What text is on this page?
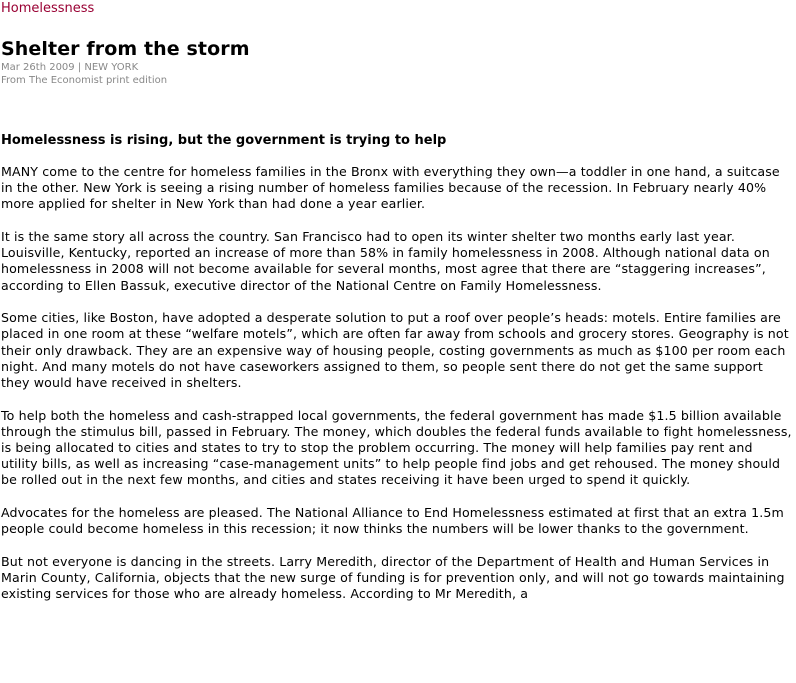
Homelessness
Shelter from the storm
Mar 26th 2009 | NEW YORK
From The Economist print edition
Homelessness is rising, but the government is trying to help

MANY come to the centre for homeless families in the Bronx with everything they own—a toddler in one hand, a suitcase in the other. New York is seeing a rising number of homeless families because of the recession. In February nearly 40% more applied for shelter in New York than had done a year earlier.

It is the same story all across the country. San Francisco had to open its winter shelter two months early last year. Louisville, Kentucky, reported an increase of more than 58% in family homelessness in 2008. Although national data on homelessness in 2008 will not become available for several months, most agree that there are “staggering increases”, according to Ellen Bassuk, executive director of the National Centre on Family Homelessness.

Some cities, like Boston, have adopted a desperate solution to put a roof over people’s heads: motels. Entire families are placed in one room at these “welfare motels”, which are often far away from schools and grocery stores. Geography is not their only drawback. They are an expensive way of housing people, costing governments as much as $100 per room each night. And many motels do not have caseworkers assigned to them, so people sent there do not get the same support they would have received in shelters.

To help both the homeless and cash-strapped local governments, the federal government has made $1.5 billion available through the stimulus bill, passed in February. The money, which doubles the federal funds available to fight homelessness, is being allocated to cities and states to try to stop the problem occurring. The money will help families pay rent and utility bills, as well as increasing “case-management units” to help people find jobs and get rehoused. The money should be rolled out in the next few months, and cities and states receiving it have been urged to spend it quickly.

Advocates for the homeless are pleased. The National Alliance to End Homelessness estimated at first that an extra 1.5m people could become homeless in this recession; it now thinks the numbers will be lower thanks to the government.

But not everyone is dancing in the streets. Larry Meredith, director of the Department of Health and Human Services in Marin County, California, objects that the new surge of funding is for prevention only, and will not go towards maintaining existing services for those who are already homeless. According to Mr Meredith, a
